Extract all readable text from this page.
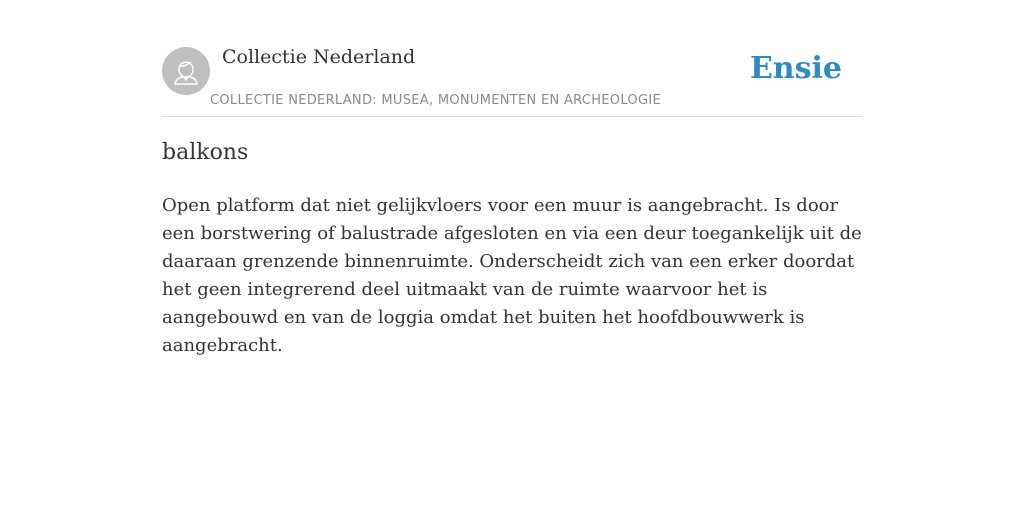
Collectie Nederland
COLLECTIE NEDERLAND: MUSEA, MONUMENTEN EN ARCHEOLOGIE
Ensie
balkons

Open platform dat niet gelijkvloers voor een muur is aangebracht. Is door een borstwering of balustrade afgesloten en via een deur toegankelijk uit de daaraan grenzende binnenruimte. Onderscheidt zich van een erker doordat het geen integrerend deel uitmaakt van de ruimte waarvoor het is aangebouwd en van de loggia omdat het buiten het hoofdbouwwerk is aangebracht.
